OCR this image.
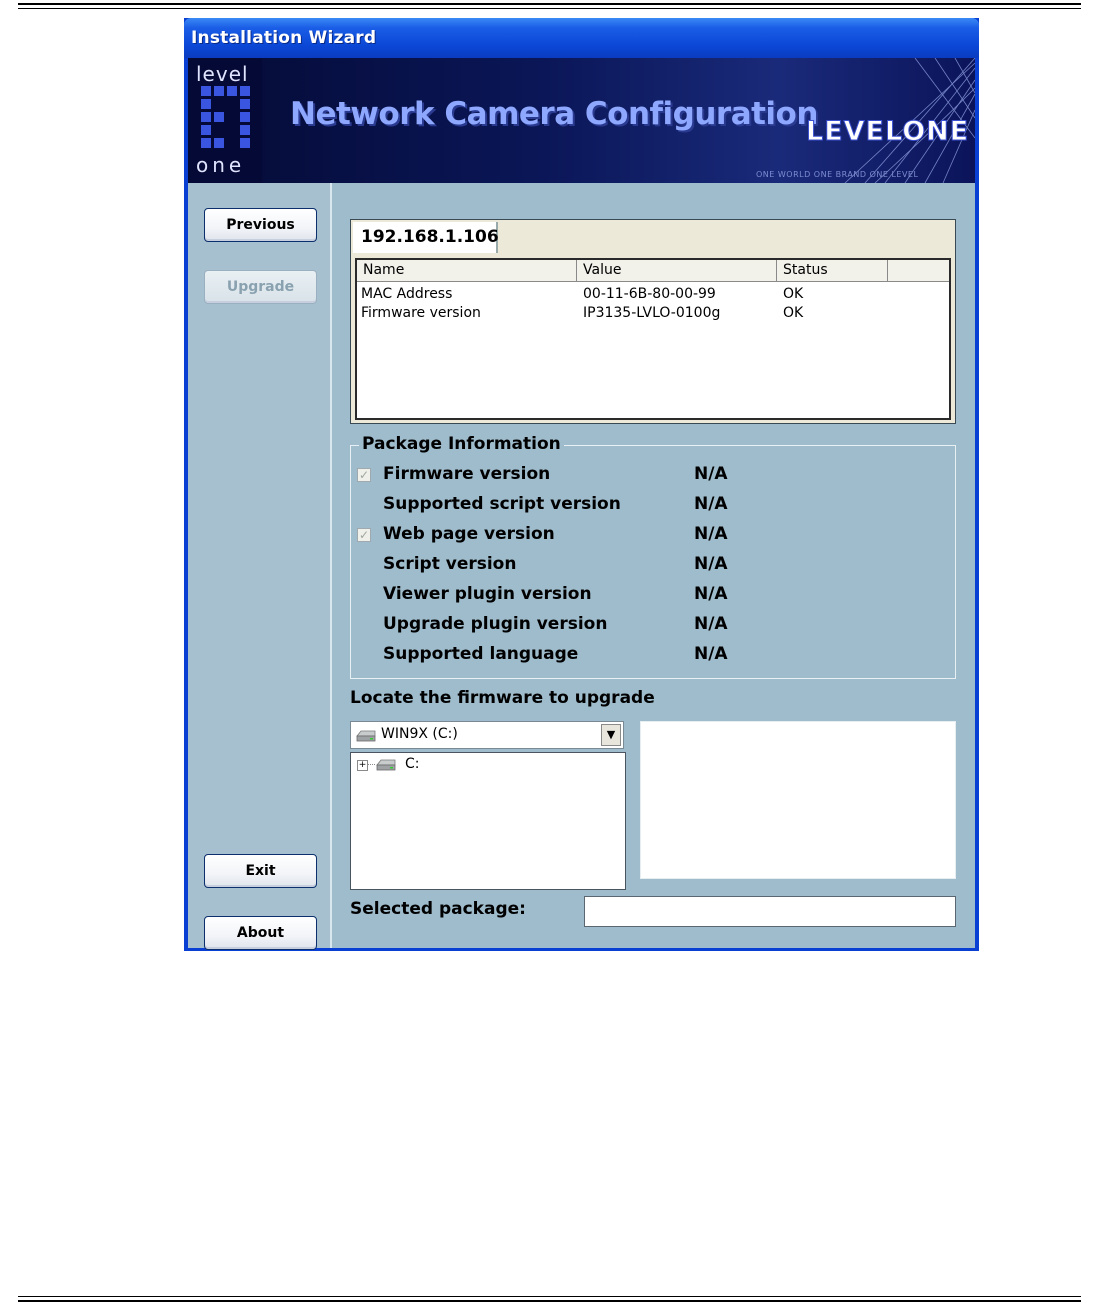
Installation Wizard
level
one
Network Camera Configuration
LEVELONE
ONE WORLD ONE BRAND ONE LEVEL
Previous
Upgrade
Exit
About
192.168.1.106
Name	Value	Status
MAC Address	00-11-6B-80-00-99	OK
Firmware version	IP3135-LVLO-0100g	OK
Package Information
✓ Firmware version	N/A
Supported script version	N/A
✓ Web page version	N/A
Script version	N/A
Viewer plugin version	N/A
Upgrade plugin version	N/A
Supported language	N/A
Locate the firmware to upgrade
WIN9X (C:)	▼
+	C:
Selected package:
